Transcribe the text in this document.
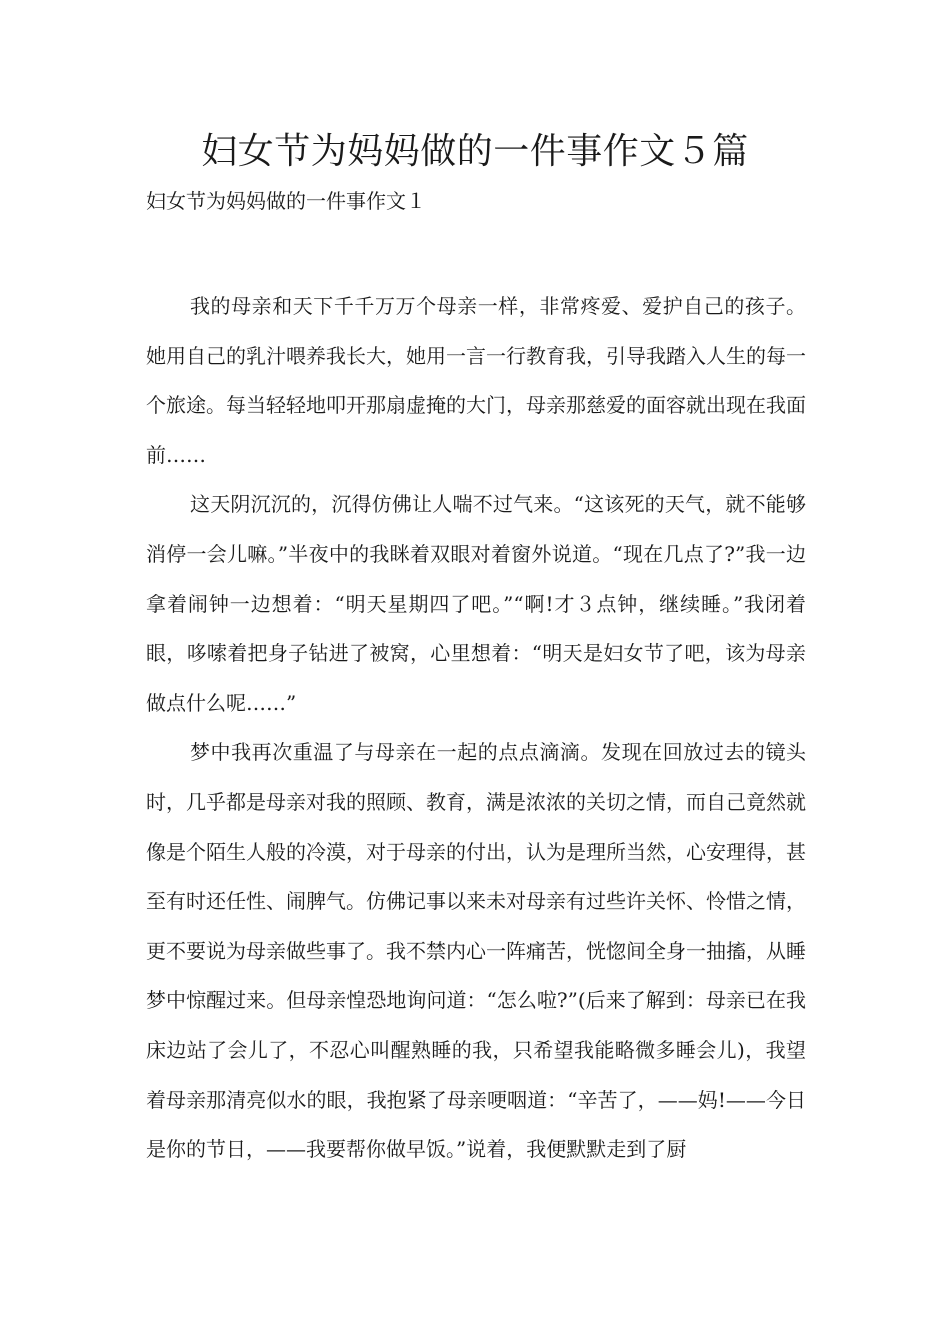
妇女节为妈妈做的一件事作文５篇
妇女节为妈妈做的一件事作文１

我的母亲和天下千千万万个母亲一样，非常疼爱、爱护自己的孩子。她用自己的乳汁喂养我长大，她用一言一行教育我，引导我踏入人生的每一个旅途。每当轻轻地叩开那扇虚掩的大门，母亲那慈爱的面容就出现在我面前……

这天阴沉沉的，沉得仿佛让人喘不过气来。“这该死的天气，就不能够消停一会儿嘛。”半夜中的我眯着双眼对着窗外说道。“现在几点了?”我一边拿着闹钟一边想着：“明天星期四了吧。”“啊!才３点钟，继续睡。”我闭着眼，哆嗦着把身子钻进了被窝，心里想着：“明天是妇女节了吧，该为母亲做点什么呢……”

梦中我再次重温了与母亲在一起的点点滴滴。发现在回放过去的镜头时，几乎都是母亲对我的照顾、教育，满是浓浓的关切之情，而自己竟然就像是个陌生人般的冷漠，对于母亲的付出，认为是理所当然，心安理得，甚至有时还任性、闹脾气。仿佛记事以来未对母亲有过些许关怀、怜惜之情，更不要说为母亲做些事了。我不禁内心一阵痛苦，恍惚间全身一抽搐，从睡梦中惊醒过来。但母亲惶恐地询问道：“怎么啦?”(后来了解到：母亲已在我床边站了会儿了，不忍心叫醒熟睡的我，只希望我能略微多睡会儿)，我望着母亲那清亮似水的眼，我抱紧了母亲哽咽道：“辛苦了，——妈!——今日是你的节日，——我要帮你做早饭。”说着，我便默默走到了厨
